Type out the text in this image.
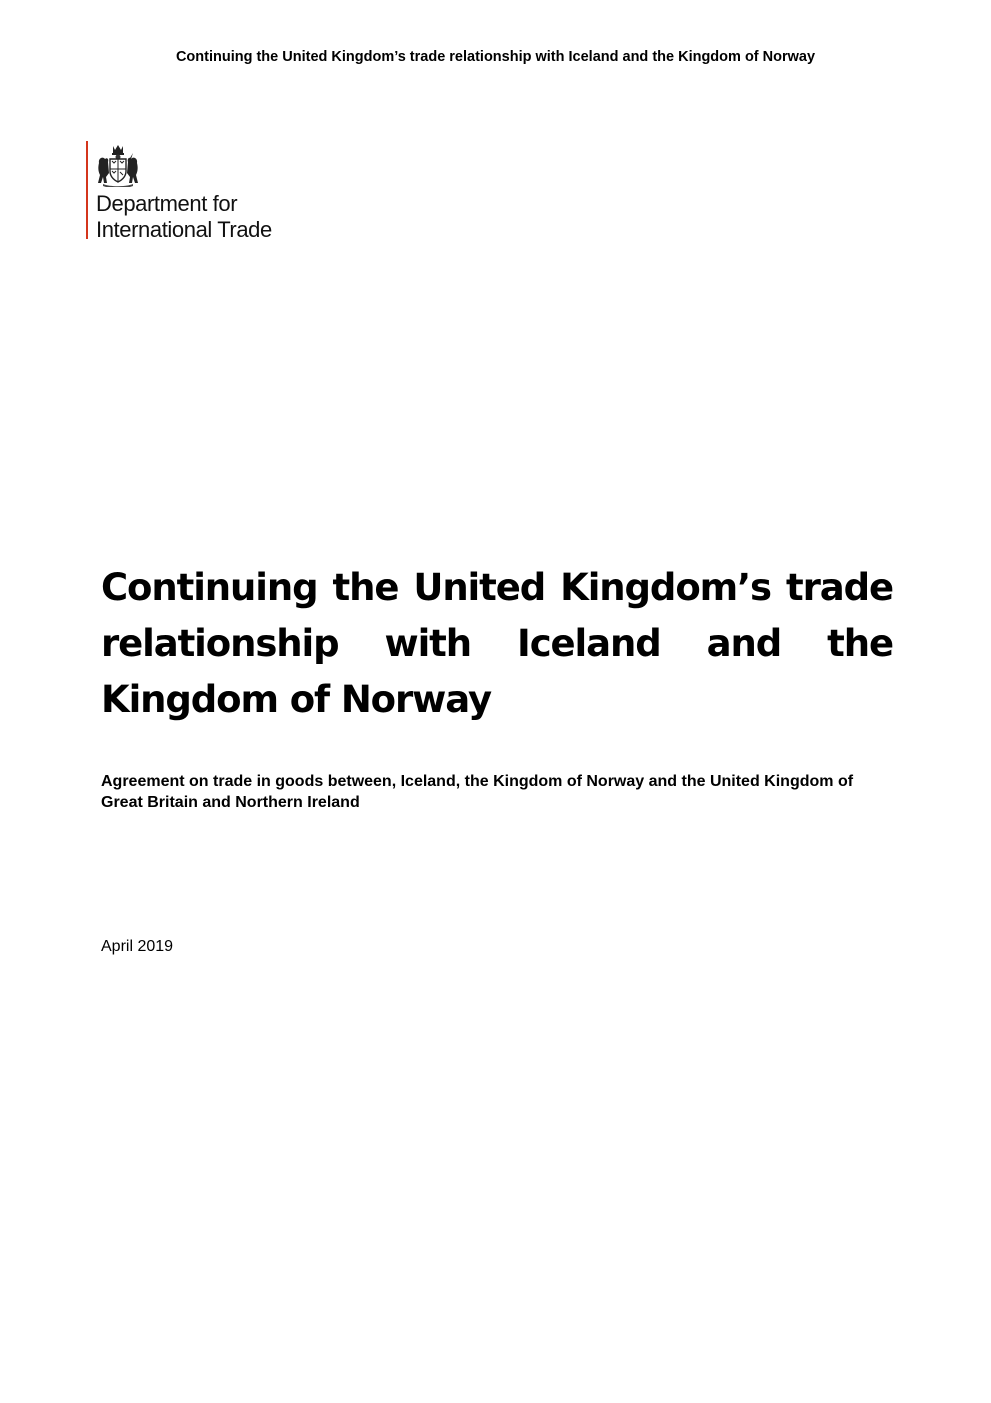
Continuing the United Kingdom’s trade relationship with Iceland and the Kingdom of Norway
Department for
International Trade
Continuing the United Kingdom’s trade relationship with Iceland and the Kingdom of Norway

Agreement on trade in goods between, Iceland, the Kingdom of Norway and the United Kingdom of Great Britain and Northern Ireland

April 2019
